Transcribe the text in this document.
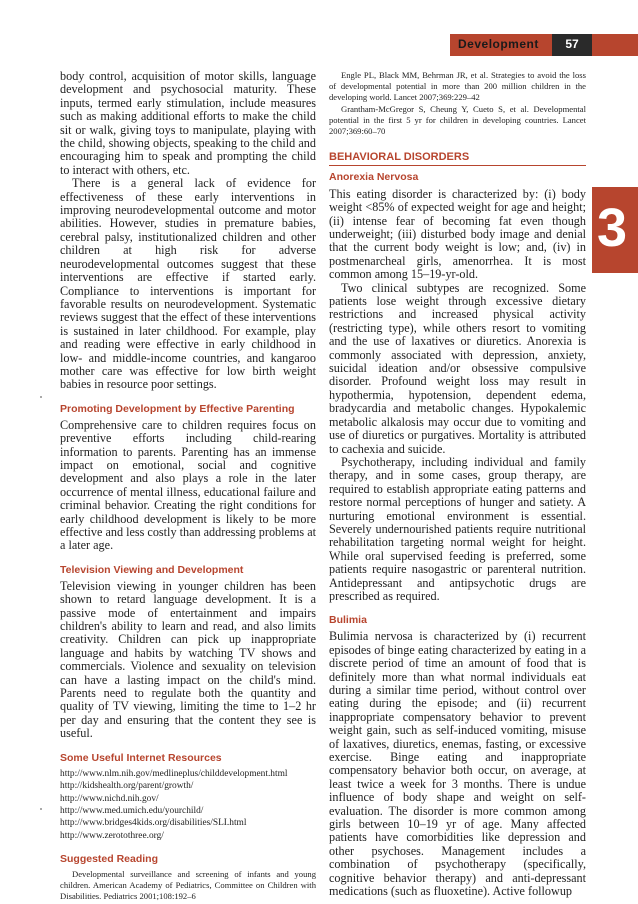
Development	57
3

body control, acquisition of motor skills, language development and psychosocial maturity. These inputs, termed early stimulation, include measures such as making additional efforts to make the child sit or walk, giving toys to manipulate, playing with the child, showing objects, speaking to the child and encouraging him to speak and prompting the child to interact with others, etc.

There is a general lack of evidence for effectiveness of these early interventions in improving neurodevelopmental outcome and motor abilities. However, studies in premature babies, cerebral palsy, institutionalized children and other children at high risk for adverse neurodevelopmental outcomes suggest that these interventions are effective if started early. Compliance to interventions is important for favorable results on neurodevelopment. Systematic reviews suggest that the effect of these interventions is sustained in later childhood. For example, play and reading were effective in early childhood in low- and middle-income countries, and kangaroo mother care was effective for low birth weight babies in resource poor settings.

Promoting Development by Effective Parenting

Comprehensive care to children requires focus on preventive efforts including child-rearing information to parents. Parenting has an immense impact on emotional, social and cognitive development and also plays a role in the later occurrence of mental illness, educational failure and criminal behavior. Creating the right conditions for early childhood development is likely to be more effective and less costly than addressing problems at a later age.

Television Viewing and Development

Television viewing in younger children has been shown to retard language development. It is a passive mode of entertainment and impairs children's ability to learn and read, and also limits creativity. Children can pick up inappropriate language and habits by watching TV shows and commercials. Violence and sexuality on television can have a lasting impact on the child's mind. Parents need to regulate both the quantity and quality of TV viewing, limiting the time to 1–2 hr per day and ensuring that the content they see is useful.

Some Useful Internet Resources
http://www.nlm.nih.gov/medlineplus/childdevelopment.html
http://kidshealth.org/parent/growth/
http://www.nichd.nih.gov/
http://www.med.umich.edu/yourchild/
http://www.bridges4kids.org/disabilities/SLI.html
http://www.zerotothree.org/
Suggested Reading

Developmental surveillance and screening of infants and young children. American Academy of Pediatrics, Committee on Children with Disabilities. Pediatrics 2001;108:192–6

Engle PL, Black MM, Behrman JR, et al. Strategies to avoid the loss of developmental potential in more than 200 million children in the developing world. Lancet 2007;369:229–42

Grantham-McGregor S, Cheung Y, Cueto S, et al. Developmental potential in the first 5 yr for children in developing countries. Lancet 2007;369:60–70

BEHAVIORAL DISORDERS
Anorexia Nervosa

This eating disorder is characterized by: (i) body weight <85% of expected weight for age and height; (ii) intense fear of becoming fat even though underweight; (iii) disturbed body image and denial that the current body weight is low; and, (iv) in postmenarcheal girls, amenorrhea. It is most common among 15–19-yr-old.

Two clinical subtypes are recognized. Some patients lose weight through excessive dietary restrictions and increased physical activity (restricting type), while others resort to vomiting and the use of laxatives or diuretics. Anorexia is commonly associated with depression, anxiety, suicidal ideation and/or obsessive compulsive disorder. Profound weight loss may result in hypothermia, hypotension, dependent edema, bradycardia and metabolic changes. Hypokalemic metabolic alkalosis may occur due to vomiting and use of diuretics or purgatives. Mortality is attributed to cachexia and suicide.

Psychotherapy, including individual and family therapy, and in some cases, group therapy, are required to establish appropriate eating patterns and restore normal perceptions of hunger and satiety. A nurturing emotional environment is essential. Severely undernourished patients require nutritional rehabilitation targeting normal weight for height. While oral supervised feeding is preferred, some patients require nasogastric or parenteral nutrition. Antidepressant and antipsychotic drugs are prescribed as required.

Bulimia

Bulimia nervosa is characterized by (i) recurrent episodes of binge eating characterized by eating in a discrete period of time an amount of food that is definitely more than what normal individuals eat during a similar time period, without control over eating during the episode; and (ii) recurrent inappropriate compensatory behavior to prevent weight gain, such as self-induced vomiting, misuse of laxatives, diuretics, enemas, fasting, or excessive exercise. Binge eating and inappropriate compensatory behavior both occur, on average, at least twice a week for 3 months. There is undue influence of body shape and weight on self-evaluation. The disorder is more common among girls between 10–19 yr of age. Many affected patients have comorbidities like depression and other psychoses. Management includes a combination of psychotherapy (specifically, cognitive behavior therapy) and anti-depressant medications (such as fluoxetine). Active followup
